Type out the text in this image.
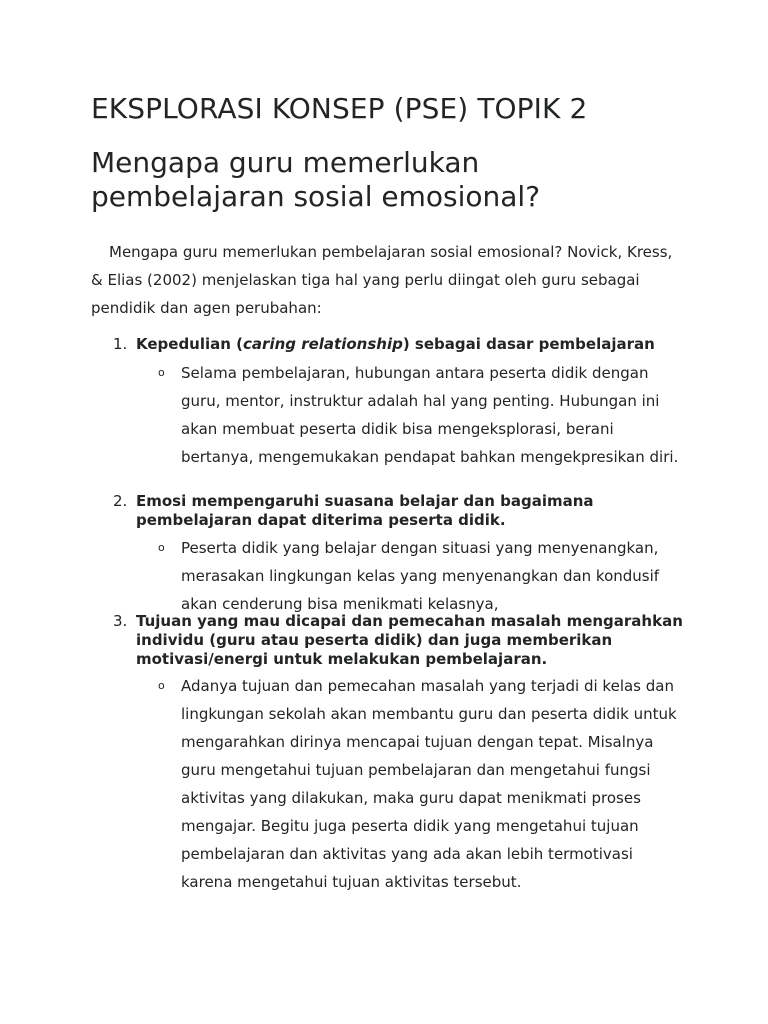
EKSPLORASI KONSEP (PSE) TOPIK 2
Mengapa guru memerlukan pembelajaran sosial emosional?

Mengapa guru memerlukan pembelajaran sosial emosional? Novick, Kress, & Elias (2002) menjelaskan tiga hal yang perlu diingat oleh guru sebagai pendidik dan agen perubahan:

1. Kepedulian (caring relationship) sebagai dasar pembelajaran
o Selama pembelajaran, hubungan antara peserta didik dengan guru, mentor, instruktur adalah hal yang penting. Hubungan ini akan membuat peserta didik bisa mengeksplorasi, berani bertanya, mengemukakan pendapat bahkan mengekpresikan diri.
2. Emosi mempengaruhi suasana belajar dan bagaimana pembelajaran dapat diterima peserta didik.
o Peserta didik yang belajar dengan situasi yang menyenangkan, merasakan lingkungan kelas yang menyenangkan dan kondusif akan cenderung bisa menikmati kelasnya,
3. Tujuan yang mau dicapai dan pemecahan masalah mengarahkan individu (guru atau peserta didik) dan juga memberikan motivasi/energi untuk melakukan pembelajaran.
o Adanya tujuan dan pemecahan masalah yang terjadi di kelas dan lingkungan sekolah akan membantu guru dan peserta didik untuk mengarahkan dirinya mencapai tujuan dengan tepat. Misalnya guru mengetahui tujuan pembelajaran dan mengetahui fungsi aktivitas yang dilakukan, maka guru dapat menikmati proses mengajar. Begitu juga peserta didik yang mengetahui tujuan pembelajaran dan aktivitas yang ada akan lebih termotivasi karena mengetahui tujuan aktivitas tersebut.
